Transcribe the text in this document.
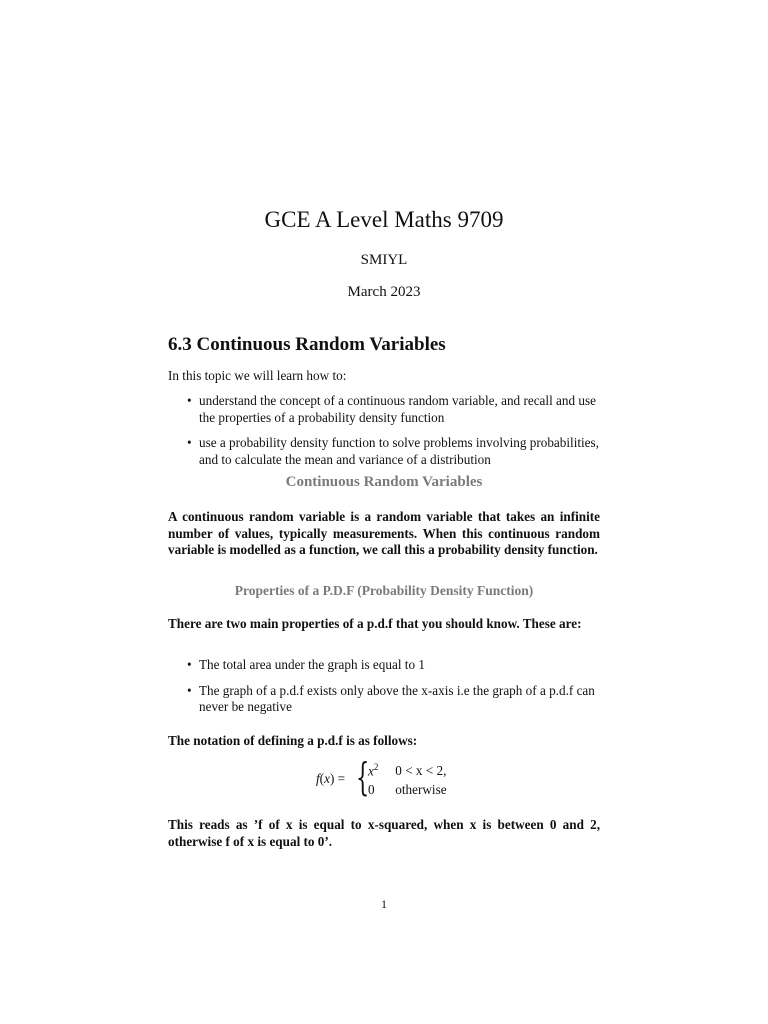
GCE A Level Maths 9709
SMIYL
March 2023
6.3 Continuous Random Variables
In this topic we will learn how to:
• understand the concept of a continuous random variable, and recall and use the properties of a probability density function
• use a probability density function to solve problems involving probabilities, and to calculate the mean and variance of a distribution
Continuous Random Variables
A continuous random variable is a random variable that takes an infinite number of values, typically measurements. When this continuous random variable is modelled as a function, we call this a probability density function.
Properties of a P.D.F (Probability Density Function)
There are two main properties of a p.d.f that you should know. These are:
• The total area under the graph is equal to 1
• The graph of a p.d.f exists only above the x-axis i.e the graph of a p.d.f can never be negative
The notation of defining a p.d.f is as follows:
f(x) = {
$x^2$ 0 < x < 2,
0 otherwise
This reads as ’f of x is equal to x-squared, when x is between 0 and 2, otherwise f of x is equal to 0’.
1
